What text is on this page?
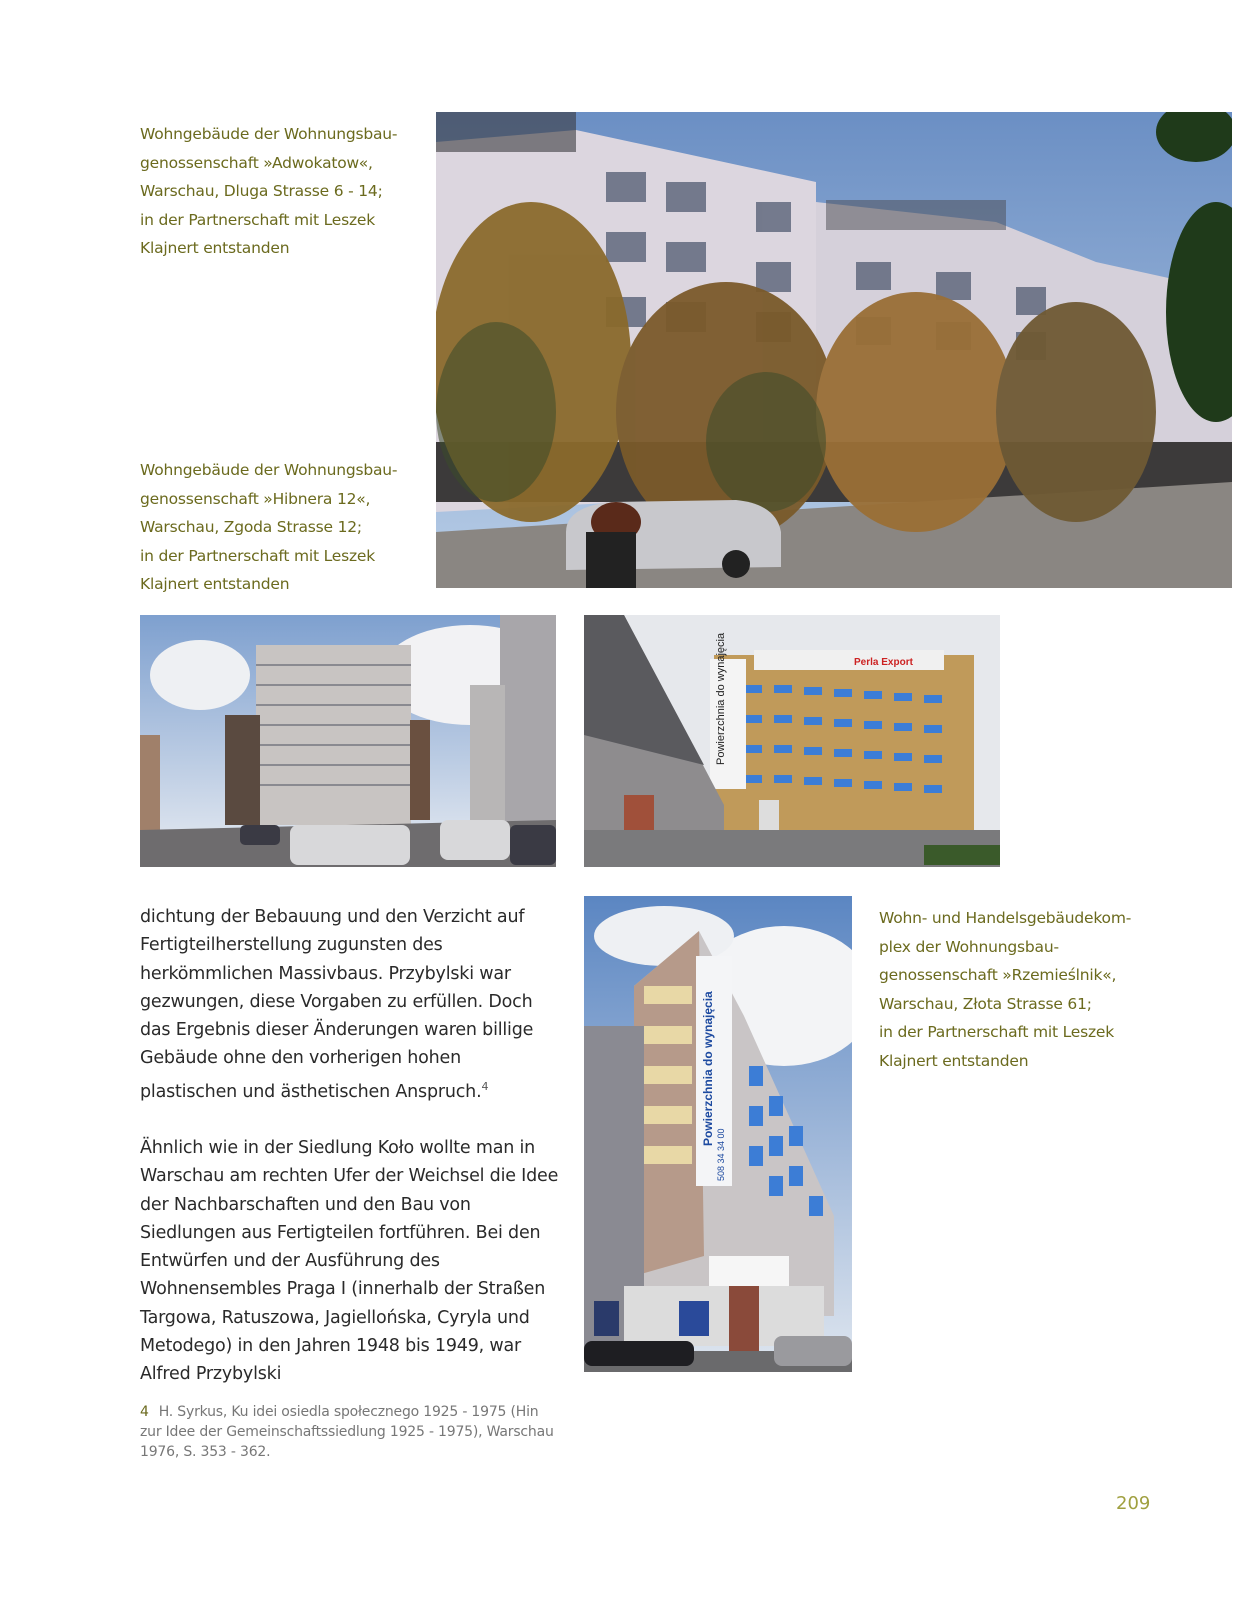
Wohngebäude der Wohnungsbau-
genossenschaft »Adwokatow«,
Warschau, Dluga Strasse 6 - 14;
in der Partnerschaft mit Leszek
Klajnert entstanden
Wohngebäude der Wohnungsbau-
genossenschaft »Hibnera 12«,
Warschau, Zgoda Strasse 12;
in der Partnerschaft mit Leszek
Klajnert entstanden
Wohn- und Handelsgebäudekom-
plex der Wohnungsbau-
genossenschaft »Rzemieślnik«,
Warschau, Złota Strasse 61;
in der Partnerschaft mit Leszek
Klajnert entstanden
Powierzchnia do wynajęcia	Perla Export
Powierzchnia do wynajęcia
508 34 34 00

dichtung der Bebauung und den Verzicht auf Fertigteilherstellung zugunsten des herkömmlichen Massivbaus. Przybylski war gezwungen, diese Vorgaben zu erfüllen. Doch das Ergebnis dieser Änderungen waren billige Gebäude ohne den vorherigen hohen plastischen und ästhetischen Anspruch.$^4$

Ähnlich wie in der Siedlung Koło wollte man in Warschau am rechten Ufer der Weichsel die Idee der Nachbarschaften und den Bau von Siedlungen aus Fertigteilen fortführen. Bei den Entwürfen und der Ausführung des Wohnensembles Praga I (innerhalb der Straßen Targowa, Ratuszowa, Jagiellońska, Cyryla und Metodego) in den Jahren 1948 bis 1949, war Alfred Przybylski

4 H. Syrkus, Ku idei osiedla społecznego 1925 - 1975 (Hin zur Idee der Gemeinschaftssiedlung 1925 - 1975), Warschau 1976, S. 353 - 362.
209
